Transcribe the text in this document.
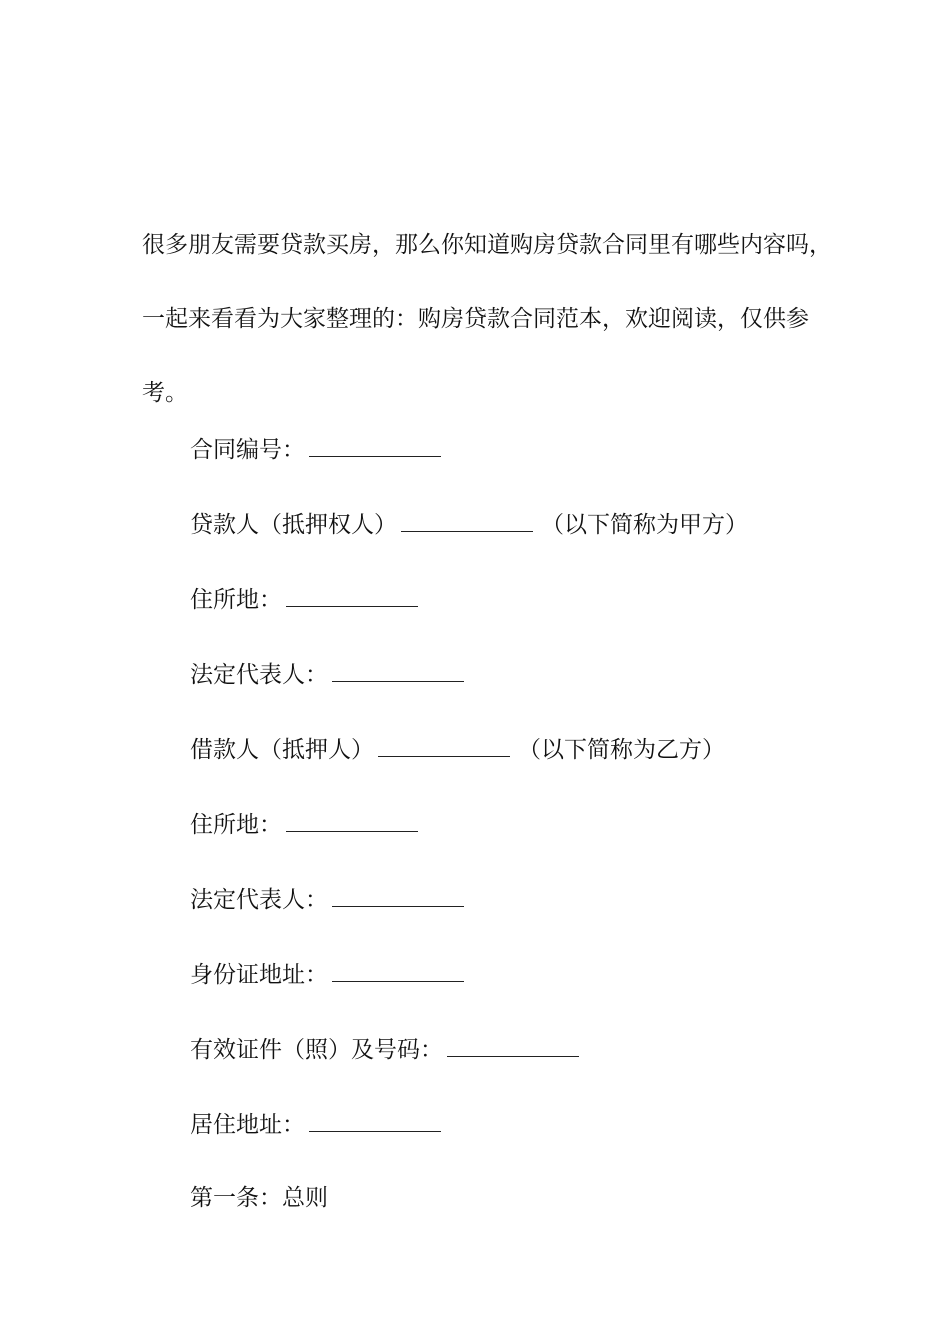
很多朋友需要贷款买房，那么你知道购房贷款合同里有哪些内容吗，
一起来看看为大家整理的：购房贷款合同范本，欢迎阅读，仅供参
考。

合同编号：

贷款人（抵押权人）	（以下简称为甲方）

住所地：

法定代表人：

借款人（抵押人）	（以下简称为乙方）

住所地：

法定代表人：

身份证地址：

有效证件（照）及号码：

居住地址：

第一条：总则
